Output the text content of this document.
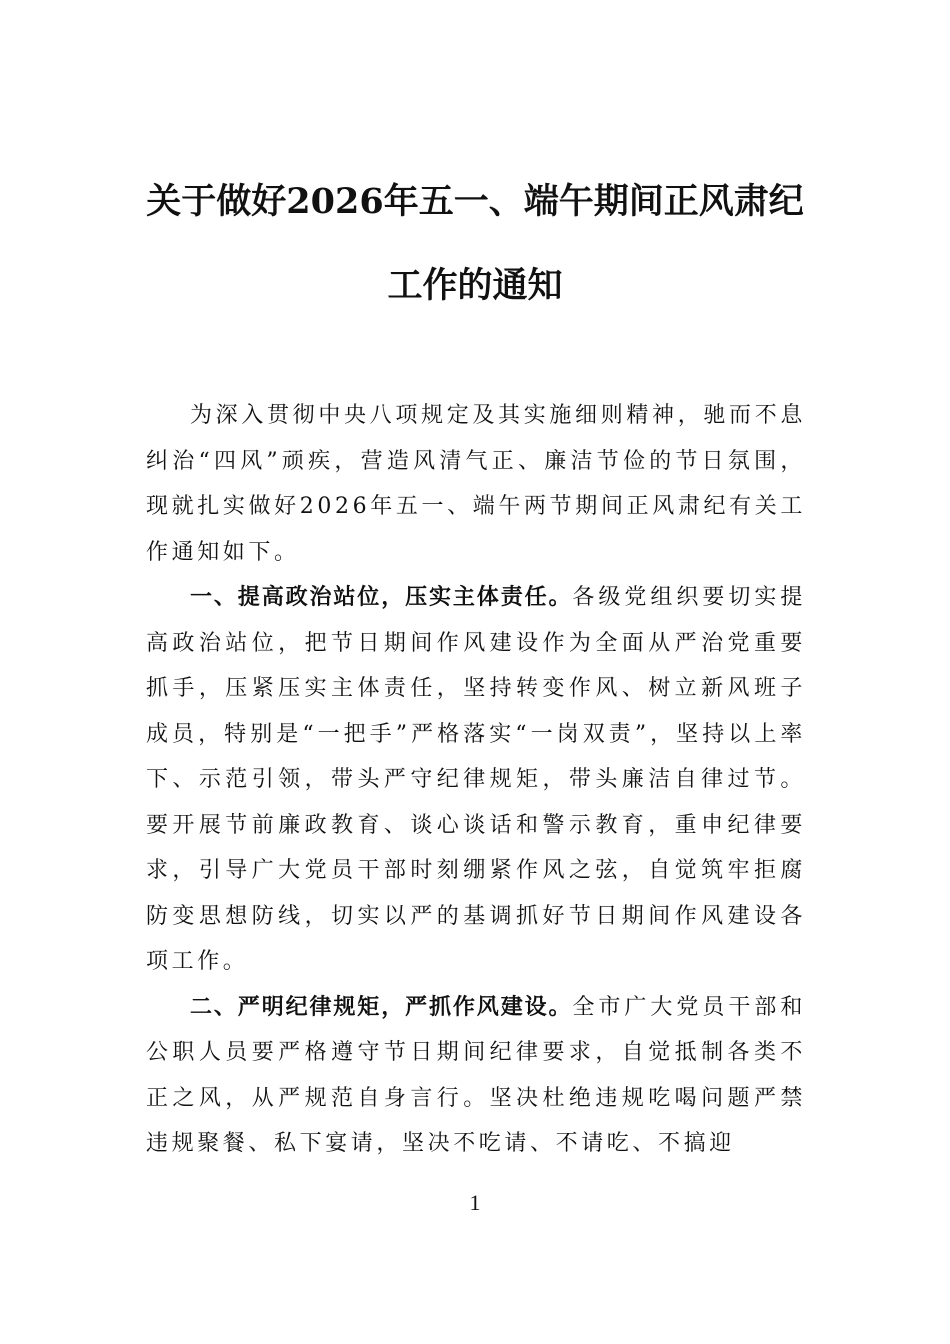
关于做好2026年五一、端午期间正风肃纪
工作的通知

为深入贯彻中央八项规定及其实施细则精神，驰而不息纠治“四风”顽疾，营造风清气正、廉洁节俭的节日氛围，现就扎实做好2026年五一、端午两节期间正风肃纪有关工作通知如下。

一、提高政治站位，压实主体责任。各级党组织要切实提高政治站位，把节日期间作风建设作为全面从严治党重要抓手，压紧压实主体责任，坚持转变作风、树立新风班子成员，特别是“一把手”严格落实“一岗双责”，坚持以上率下、示范引领，带头严守纪律规矩，带头廉洁自律过节。要开展节前廉政教育、谈心谈话和警示教育，重申纪律要求，引导广大党员干部时刻绷紧作风之弦，自觉筑牢拒腐防变思想防线，切实以严的基调抓好节日期间作风建设各项工作。

二、严明纪律规矩，严抓作风建设。全市广大党员干部和公职人员要严格遵守节日期间纪律要求，自觉抵制各类不正之风，从严规范自身言行。坚决杜绝违规吃喝问题严禁违规聚餐、私下宴请，坚决不吃请、不请吃、不搞迎

1
